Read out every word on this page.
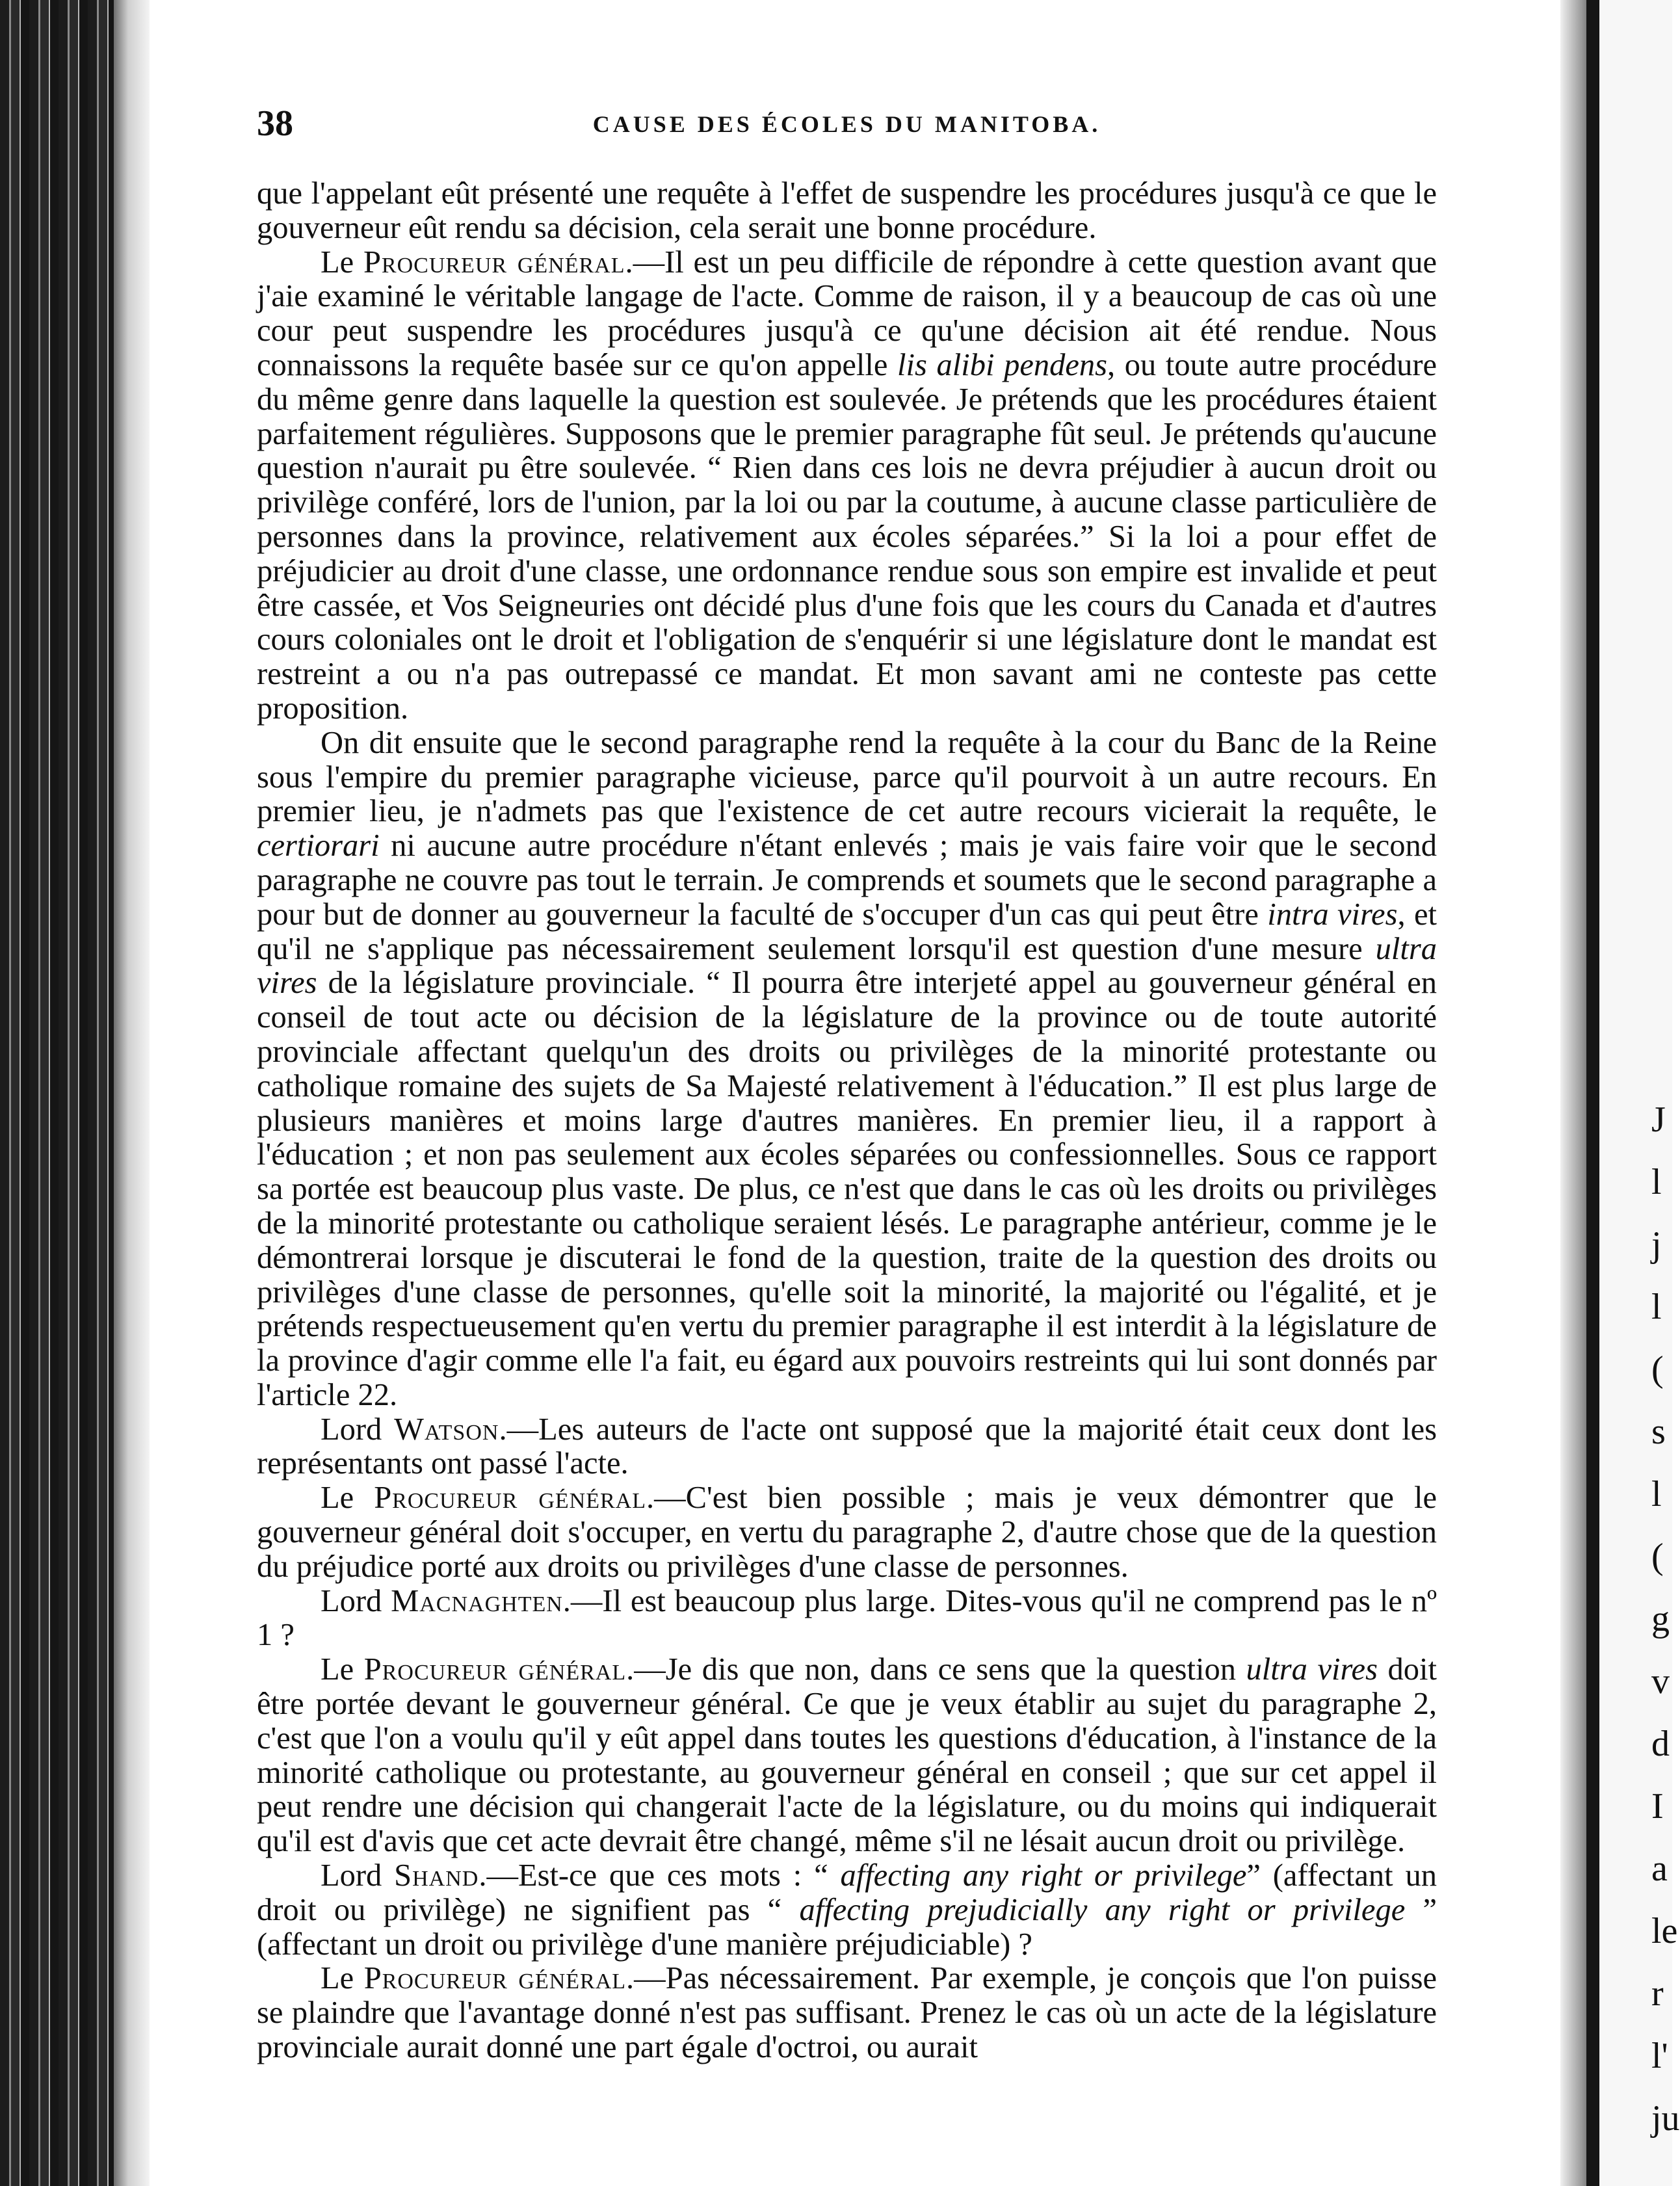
J
l
j
l
(
s
l
(
g
v
d
I
a
le
r
l'
ju
38	CAUSE DES ÉCOLES DU MANITOBA.

que l'appelant eût présenté une requête à l'effet de suspendre les procédures jusqu'à ce que le gouverneur eût rendu sa décision, cela serait une bonne procédure.

Le Procureur général.—Il est un peu difficile de répondre à cette question avant que j'aie examiné le véritable langage de l'acte. Comme de raison, il y a beaucoup de cas où une cour peut suspendre les procédures jusqu'à ce qu'une décision ait été rendue. Nous connaissons la requête basée sur ce qu'on appelle lis alibi pendens, ou toute autre procédure du même genre dans laquelle la question est soulevée. Je prétends que les procédures étaient parfaitement régulières. Supposons que le premier paragraphe fût seul. Je prétends qu'aucune question n'aurait pu être soulevée. “ Rien dans ces lois ne devra préjudier à aucun droit ou privilège conféré, lors de l'union, par la loi ou par la coutume, à aucune classe particulière de personnes dans la province, relativement aux écoles séparées.” Si la loi a pour effet de préjudicier au droit d'une classe, une ordonnance rendue sous son empire est invalide et peut être cassée, et Vos Seigneuries ont décidé plus d'une fois que les cours du Canada et d'autres cours coloniales ont le droit et l'obligation de s'enquérir si une législature dont le mandat est restreint a ou n'a pas outrepassé ce mandat. Et mon savant ami ne conteste pas cette proposition.

On dit ensuite que le second paragraphe rend la requête à la cour du Banc de la Reine sous l'empire du premier paragraphe vicieuse, parce qu'il pourvoit à un autre recours. En premier lieu, je n'admets pas que l'existence de cet autre recours vicierait la requête, le certiorari ni aucune autre procédure n'étant enlevés ; mais je vais faire voir que le second paragraphe ne couvre pas tout le terrain. Je comprends et soumets que le second paragraphe a pour but de donner au gouverneur la faculté de s'occuper d'un cas qui peut être intra vires, et qu'il ne s'applique pas nécessairement seulement lorsqu'il est question d'une mesure ultra vires de la législature provinciale. “ Il pourra être interjeté appel au gouverneur général en conseil de tout acte ou décision de la législature de la province ou de toute autorité provinciale affectant quelqu'un des droits ou privilèges de la minorité protestante ou catholique romaine des sujets de Sa Majesté relativement à l'éducation.” Il est plus large de plusieurs manières et moins large d'autres manières. En premier lieu, il a rapport à l'éducation ; et non pas seulement aux écoles séparées ou confessionnelles. Sous ce rapport sa portée est beaucoup plus vaste. De plus, ce n'est que dans le cas où les droits ou privilèges de la minorité protestante ou catholique seraient lésés. Le paragraphe antérieur, comme je le démontrerai lorsque je discuterai le fond de la question, traite de la question des droits ou privilèges d'une classe de personnes, qu'elle soit la minorité, la majorité ou l'égalité, et je prétends respectueusement qu'en vertu du premier paragraphe il est interdit à la législature de la province d'agir comme elle l'a fait, eu égard aux pouvoirs restreints qui lui sont donnés par l'article 22.

Lord Watson.—Les auteurs de l'acte ont supposé que la majorité était ceux dont les représentants ont passé l'acte.

Le Procureur général.—C'est bien possible ; mais je veux démontrer que le gouverneur général doit s'occuper, en vertu du paragraphe 2, d'autre chose que de la question du préjudice porté aux droits ou privilèges d'une classe de personnes.

Lord Macnaghten.—Il est beaucoup plus large. Dites-vous qu'il ne comprend pas le nº 1 ?

Le Procureur général.—Je dis que non, dans ce sens que la question ultra vires doit être portée devant le gouverneur général. Ce que je veux établir au sujet du paragraphe 2, c'est que l'on a voulu qu'il y eût appel dans toutes les questions d'éducation, à l'instance de la minorité catholique ou protestante, au gouverneur général en conseil ; que sur cet appel il peut rendre une décision qui changerait l'acte de la législature, ou du moins qui indiquerait qu'il est d'avis que cet acte devrait être changé, même s'il ne lésait aucun droit ou privilège.

Lord Shand.—Est-ce que ces mots : “ affecting any right or privilege” (affectant un droit ou privilège) ne signifient pas “ affecting prejudicially any right or privilege ” (affectant un droit ou privilège d'une manière préjudiciable) ?

Le Procureur général.—Pas nécessairement. Par exemple, je conçois que l'on puisse se plaindre que l'avantage donné n'est pas suffisant. Prenez le cas où un acte de la législature provinciale aurait donné une part égale d'octroi, ou aurait
